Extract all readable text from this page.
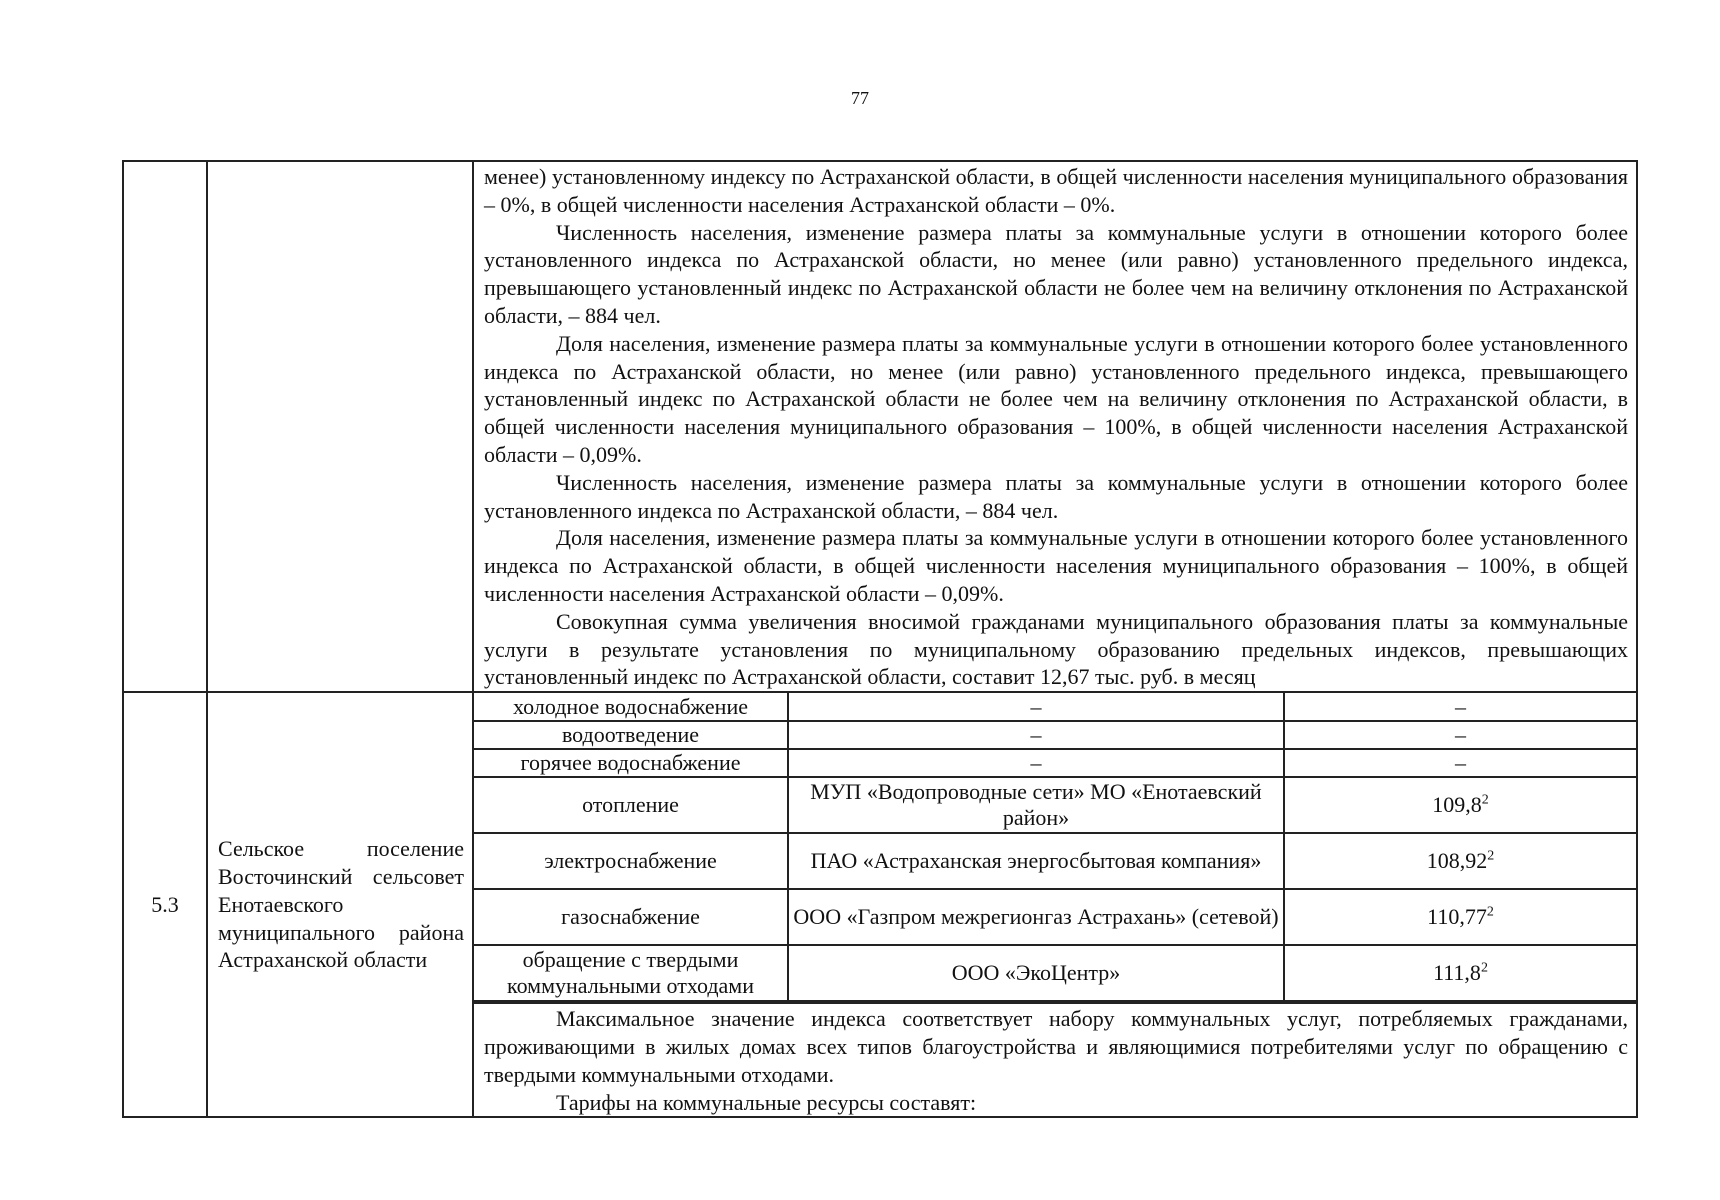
77

менее) установленному индексу по Астраханской области, в общей численности населения муниципального образования – 0%, в общей численности населения Астраханской области – 0%.

Численность населения, изменение размера платы за коммунальные услуги в отношении которого более установленного индекса по Астраханской области, но менее (или равно) установленного предельного индекса, превышающего установленный индекс по Астраханской области не более чем на величину отклонения по Астраханской области, – 884 чел.

Доля населения, изменение размера платы за коммунальные услуги в отношении которого более установленного индекса по Астраханской области, но менее (или равно) установленного предельного индекса, превышающего установленный индекс по Астраханской области не более чем на величину отклонения по Астраханской области, в общей численности населения муниципального образования – 100%, в общей численности населения Астраханской области – 0,09%.

Численность населения, изменение размера платы за коммунальные услуги в отношении которого более установленного индекса по Астраханской области, – 884 чел.

Доля населения, изменение размера платы за коммунальные услуги в отношении которого более установленного индекса по Астраханской области, в общей численности населения муниципального образования – 100%, в общей численности населения Астраханской области – 0,09%.

Совокупная сумма увеличения вносимой гражданами муниципального образования платы за коммунальные услуги в результате установления по муниципальному образованию предельных индексов, превышающих установленный индекс по Астраханской области, составит 12,67 тыс. руб. в месяц

5.3	Сельское поселение Восточинский сельсовет Енотаевского муниципального района Астраханской области	
холодное водоснабжение	–	–
водоотведение	–	–
горячее водоснабжение	–	–
отопление	МУП «Водопроводные сети» МО «Енотаевский район»	109,8$^2$
электроснабжение	ПАО «Астраханская энергосбытовая компания»	108,92$^2$
газоснабжение	ООО «Газпром межрегионгаз Астрахань» (сетевой)	110,77$^2$
обращение с твердыми коммунальными отходами	ООО «ЭкоЦентр»	111,8$^2$

Максимальное значение индекса соответствует набору коммунальных услуг, потребляемых гражданами, проживающими в жилых домах всех типов благоустройства и являющимися потребителями услуг по обращению с твердыми коммунальными отходами.

Тарифы на коммунальные ресурсы составят:
